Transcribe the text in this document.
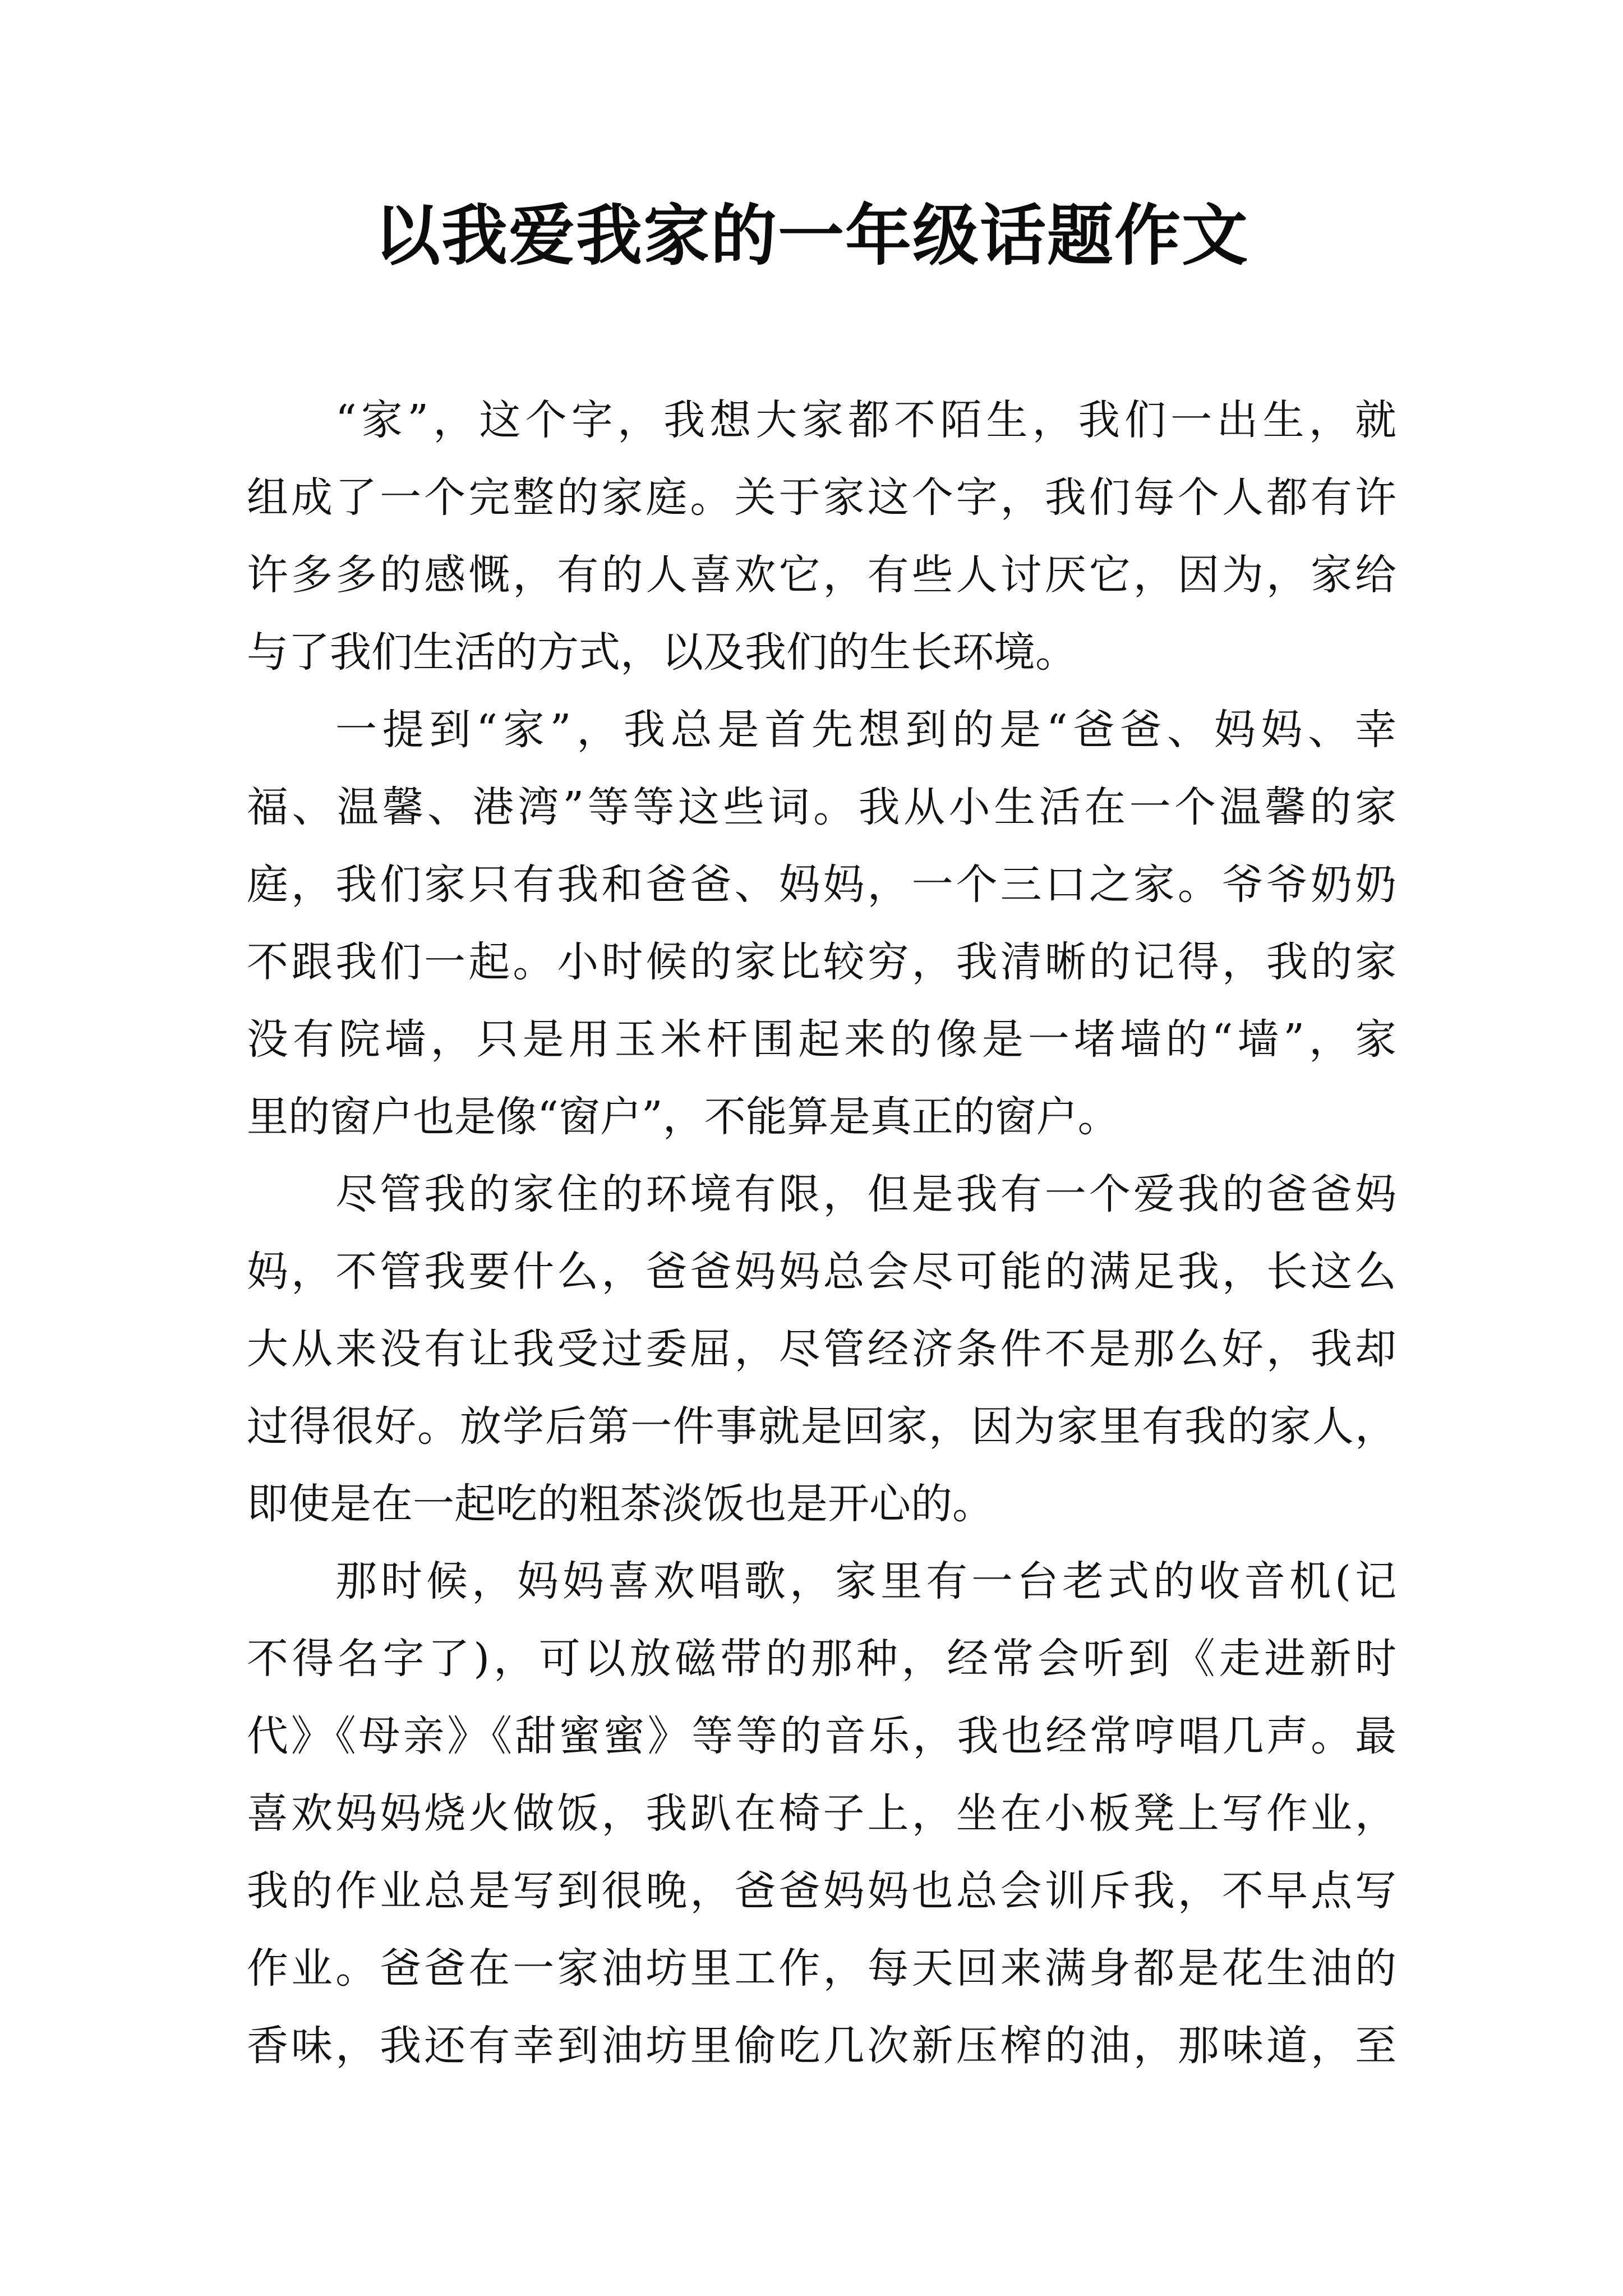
以我爱我家的一年级话题作文
“家”，这个字，我想大家都不陌生，我们一出生，就
组成了一个完整的家庭。关于家这个字，我们每个人都有许
许多多的感慨，有的人喜欢它，有些人讨厌它，因为，家给
与了我们生活的方式，以及我们的生长环境。
一提到“家”，我总是首先想到的是“爸爸、妈妈、幸
福、温馨、港湾”等等这些词。我从小生活在一个温馨的家
庭，我们家只有我和爸爸、妈妈，一个三口之家。爷爷奶奶
不跟我们一起。小时候的家比较穷，我清晰的记得，我的家
没有院墙，只是用玉米杆围起来的像是一堵墙的“墙”，家
里的窗户也是像“窗户”，不能算是真正的窗户。
尽管我的家住的环境有限，但是我有一个爱我的爸爸妈
妈，不管我要什么，爸爸妈妈总会尽可能的满足我，长这么
大从来没有让我受过委屈，尽管经济条件不是那么好，我却
过得很好。放学后第一件事就是回家，因为家里有我的家人，
即使是在一起吃的粗茶淡饭也是开心的。
那时候，妈妈喜欢唱歌，家里有一台老式的收音机(记
不得名字了)，可以放磁带的那种，经常会听到《走进新时
代》《母亲》《甜蜜蜜》等等的音乐，我也经常哼唱几声。最
喜欢妈妈烧火做饭，我趴在椅子上，坐在小板凳上写作业，
我的作业总是写到很晚，爸爸妈妈也总会训斥我，不早点写
作业。爸爸在一家油坊里工作，每天回来满身都是花生油的
香味，我还有幸到油坊里偷吃几次新压榨的油，那味道，至
